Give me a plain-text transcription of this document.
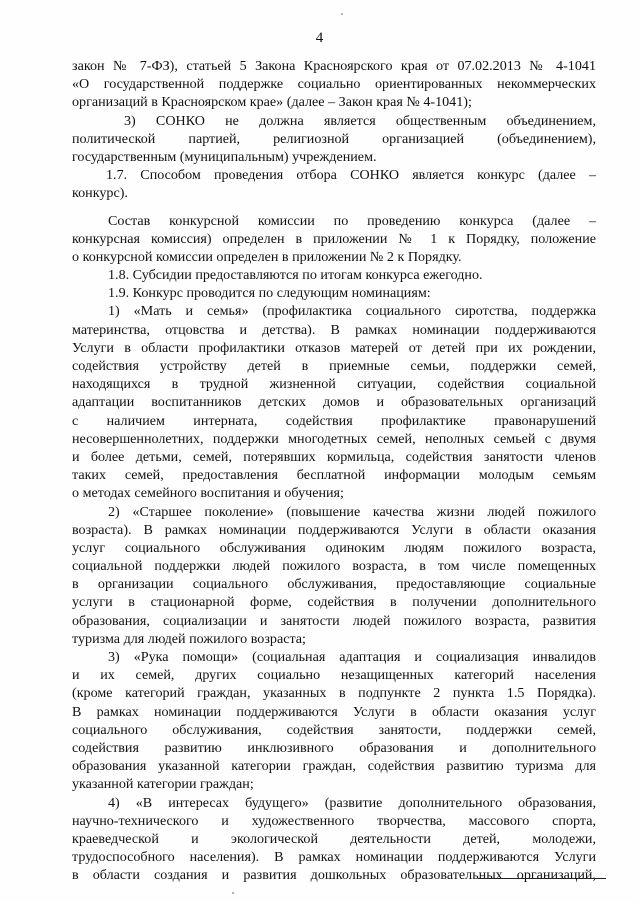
4
закон № 7-ФЗ), статьей 5 Закона Красноярского края от 07.02.2013 № 4-1041
«О государственной поддержке социально ориентированных некоммерческих
организаций в Красноярском крае» (далее – Закон края № 4-1041);
3) СОНКО не должна является общественным объединением,
политической партией, религиозной организацией (объединением),
государственным (муниципальным) учреждением.
1.7. Способом проведения отбора СОНКО является конкурс (далее –
конкурс).
Состав конкурсной комиссии по проведению конкурса (далее –
конкурсная комиссия) определен в приложении № 1 к Порядку, положение
о конкурсной комиссии определен в приложении № 2 к Порядку.
1.8. Субсидии предоставляются по итогам конкурса ежегодно.
1.9. Конкурс проводится по следующим номинациям:
1) «Мать и семья» (профилактика социального сиротства, поддержка
материнства, отцовства и детства). В рамках номинации поддерживаются
Услуги в области профилактики отказов матерей от детей при их рождении,
содействия устройству детей в приемные семьи, поддержки семей,
находящихся в трудной жизненной ситуации, содействия социальной
адаптации воспитанников детских домов и образовательных организаций
с наличием интерната, содействия профилактике правонарушений
несовершеннолетних, поддержки многодетных семей, неполных семьей с двумя
и более детьми, семей, потерявших кормильца, содействия занятости членов
таких семей, предоставления бесплатной информации молодым семьям
о методах семейного воспитания и обучения;
2) «Старшее поколение» (повышение качества жизни людей пожилого
возраста). В рамках номинации поддерживаются Услуги в области оказания
услуг социального обслуживания одиноким людям пожилого возраста,
социальной поддержки людей пожилого возраста, в том числе помещенных
в организации социального обслуживания, предоставляющие социальные
услуги в стационарной форме, содействия в получении дополнительного
образования, социализации и занятости людей пожилого возраста, развития
туризма для людей пожилого возраста;
3) «Рука помощи» (социальная адаптация и социализация инвалидов
и их семей, других социально незащищенных категорий населения
(кроме категорий граждан, указанных в подпункте 2 пункта 1.5 Порядка).
В рамках номинации поддерживаются Услуги в области оказания услуг
социального обслуживания, содействия занятости, поддержки семей,
содействия развитию инклюзивного образования и дополнительного
образования указанной категории граждан, содействия развитию туризма для
указанной категории граждан;
4) «В интересах будущего» (развитие дополнительного образования,
научно-технического и художественного творчества, массового спорта,
краеведческой и экологической деятельности детей, молодежи,
трудоспособного населения). В рамках номинации поддерживаются Услуги
в области создания и развития дошкольных образовательных организаций,
